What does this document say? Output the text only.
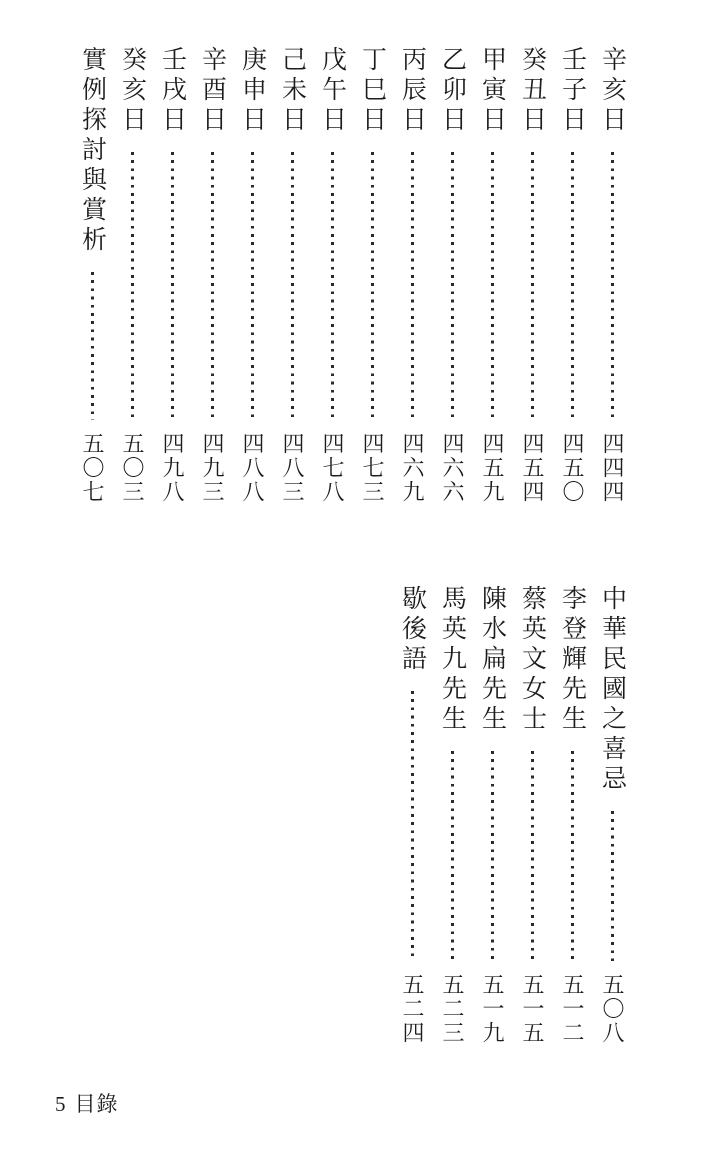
辛亥日
四四四
壬子日
四五〇
癸丑日
四五四
甲寅日
四五九
乙卯日
四六六
丙辰日
四六九
丁巳日
四七三
戊午日
四七八
己未日
四八三
庚申日
四八八
辛酉日
四九三
壬戌日
四九八
癸亥日
五〇三
實例探討與賞析
五〇七
中華民國之喜忌
五〇八
李登輝先生
五一二
蔡英文女士
五一五
陳水扁先生
五一九
馬英九先生
五二三
歇後語
五二四
5 目錄
